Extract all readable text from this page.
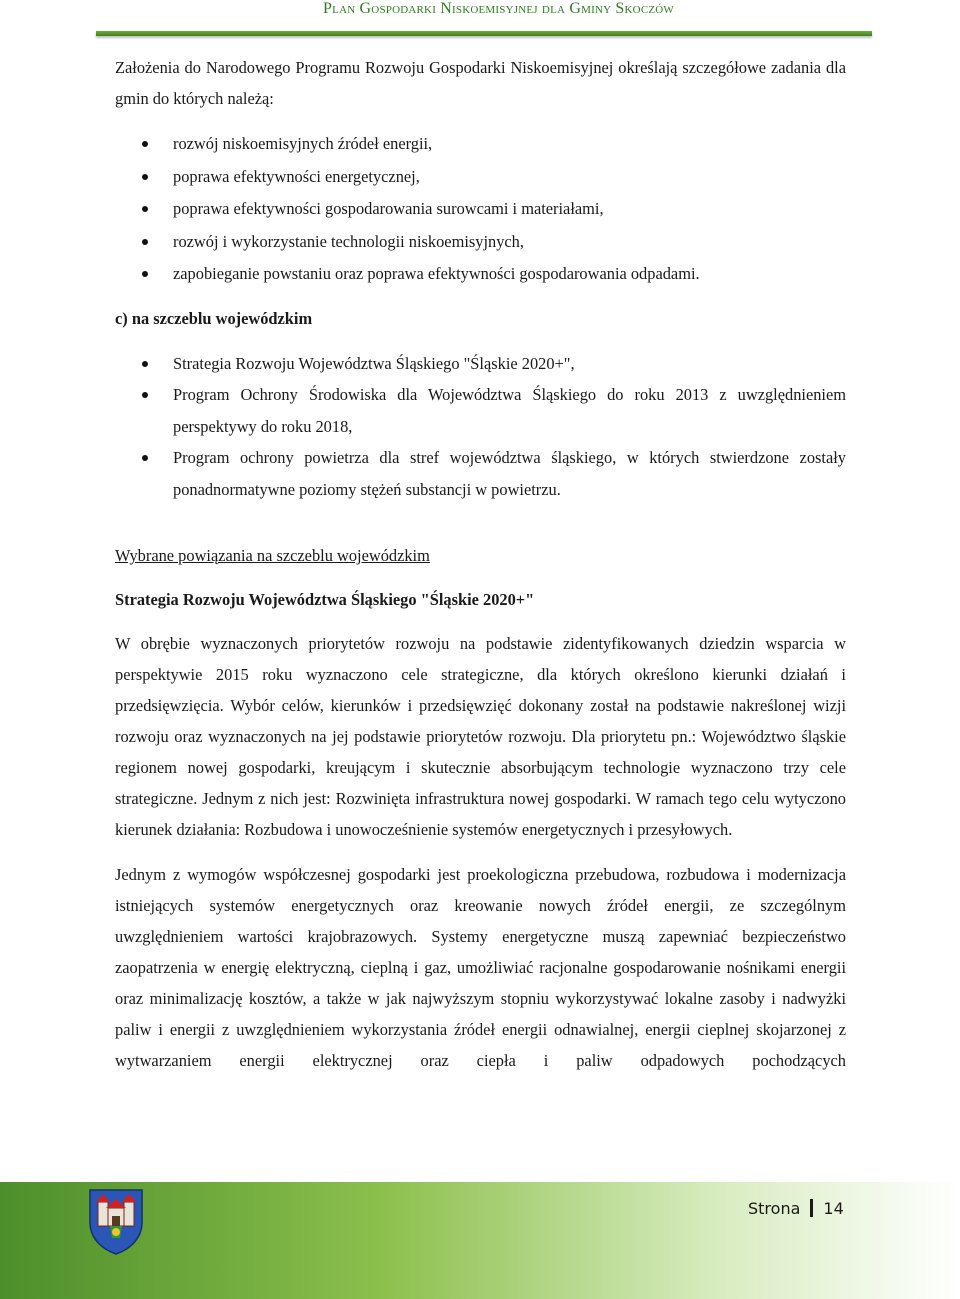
Plan Gospodarki Niskoemisyjnej dla Gminy Skoczów

Założenia do Narodowego Programu Rozwoju Gospodarki Niskoemisyjnej określają szczegółowe zadania dla gmin do których należą:

rozwój niskoemisyjnych źródeł energii,
poprawa efektywności energetycznej,
poprawa efektywności gospodarowania surowcami i materiałami,
rozwój i wykorzystanie technologii niskoemisyjnych,
zapobieganie powstaniu oraz poprawa efektywności gospodarowania odpadami.

c) na szczeblu wojewódzkim

Strategia Rozwoju Województwa Śląskiego "Śląskie 2020+",
Program Ochrony Środowiska dla Województwa Śląskiego do roku 2013 z uwzględnieniem perspektywy do roku 2018,
Program ochrony powietrza dla stref województwa śląskiego, w których stwierdzone zostały ponadnormatywne poziomy stężeń substancji w powietrzu.

Wybrane powiązania na szczeblu wojewódzkim

Strategia Rozwoju Województwa Śląskiego "Śląskie 2020+"

W obrębie wyznaczonych priorytetów rozwoju na podstawie zidentyfikowanych dziedzin wsparcia w perspektywie 2015 roku wyznaczono cele strategiczne, dla których określono kierunki działań i przedsięwzięcia. Wybór celów, kierunków i przedsięwzięć dokonany został na podstawie nakreślonej wizji rozwoju oraz wyznaczonych na jej podstawie priorytetów rozwoju. Dla priorytetu pn.: Województwo śląskie regionem nowej gospodarki, kreującym i skutecznie absorbującym technologie wyznaczono trzy cele strategiczne. Jednym z nich jest: Rozwinięta infrastruktura nowej gospodarki. W ramach tego celu wytyczono kierunek działania: Rozbudowa i unowocześnienie systemów energetycznych i przesyłowych.

Jednym z wymogów współczesnej gospodarki jest proekologiczna przebudowa, rozbudowa i modernizacja istniejących systemów energetycznych oraz kreowanie nowych źródeł energii, ze szczególnym uwzględnieniem wartości krajobrazowych. Systemy energetyczne muszą zapewniać bezpieczeństwo zaopatrzenia w energię elektryczną, cieplną i gaz, umożliwiać racjonalne gospodarowanie nośnikami energii oraz minimalizację kosztów, a także w jak najwyższym stopniu wykorzystywać lokalne zasoby i nadwyżki paliw i energii z uwzględnieniem wykorzystania źródeł energii odnawialnej, energii cieplnej skojarzonej z wytwarzaniem energii elektrycznej oraz ciepła i paliw odpadowych pochodzących

Strona 14
